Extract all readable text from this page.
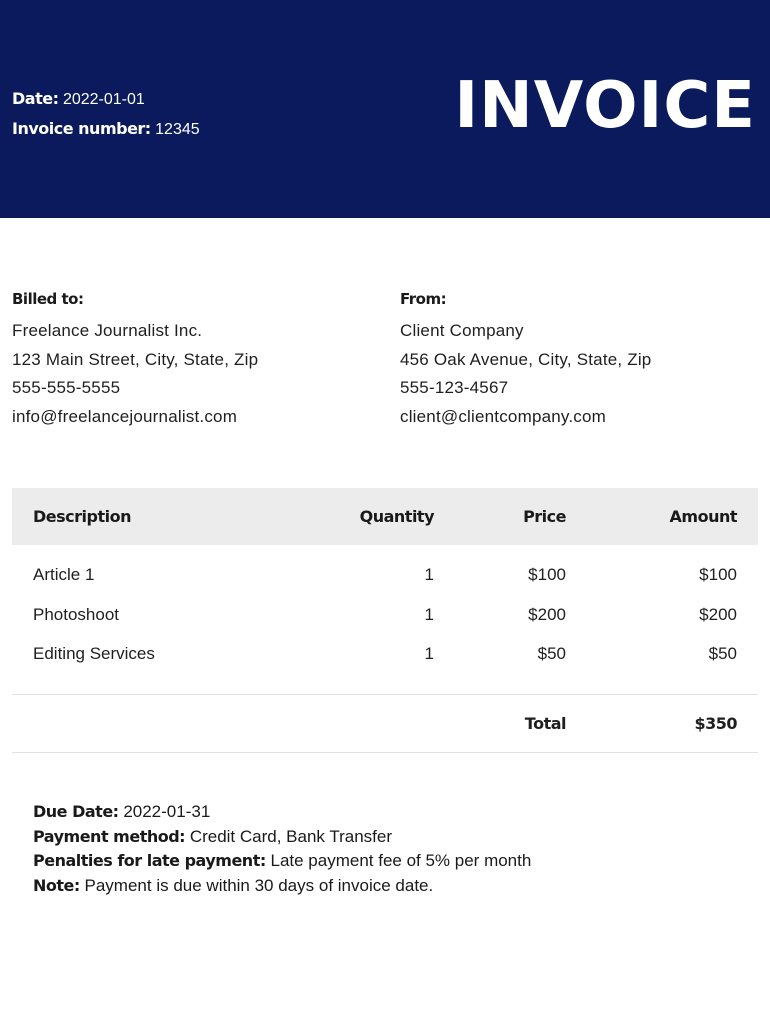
Date: 2022-01-01
Invoice number: 12345	INVOICE
Billed to:
Freelance Journalist Inc.
123 Main Street, City, State, Zip
555-555-5555
info@freelancejournalist.com
From:
Client Company
456 Oak Avenue, City, State, Zip
555-123-4567
client@clientcompany.com
Description	Quantity	Price	Amount
Article 1	1	$100	$100
Photoshoot	1	$200	$200
Editing Services	1	$50	$50
Total	$350
Due Date: 2022-01-31
Payment method: Credit Card, Bank Transfer
Penalties for late payment: Late payment fee of 5% per month
Note: Payment is due within 30 days of invoice date.
